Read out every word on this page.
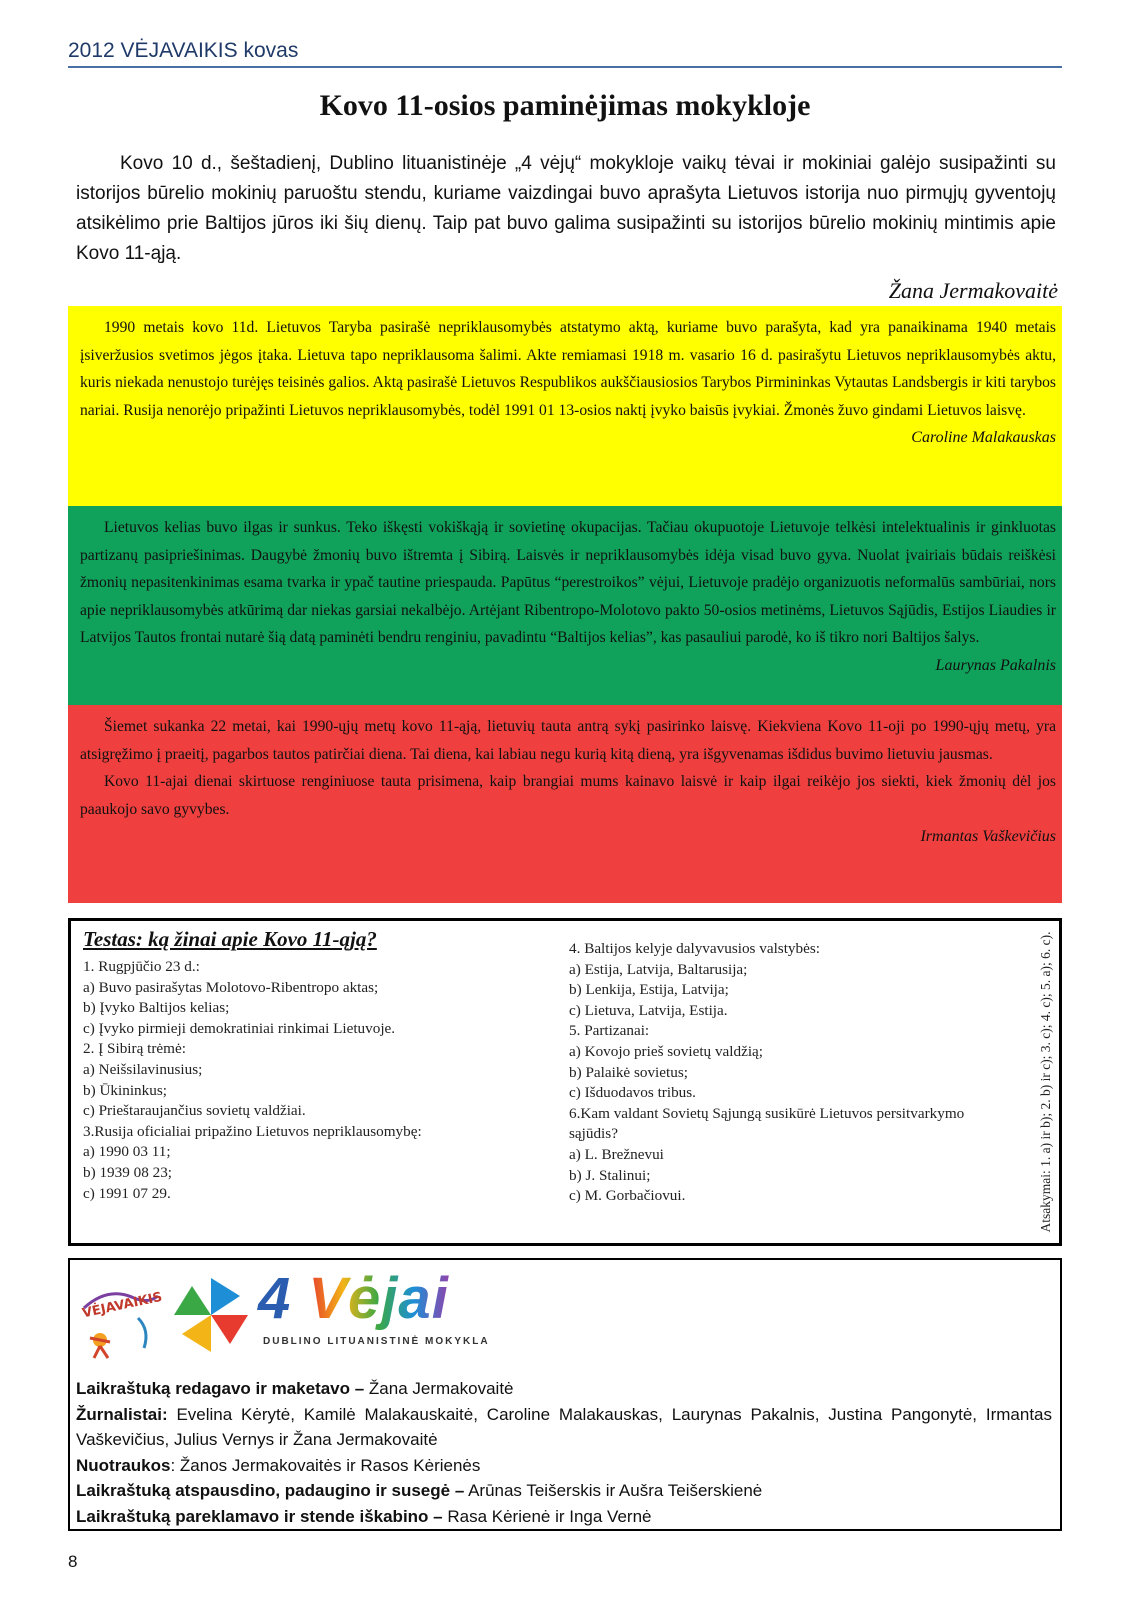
2012 VĖJAVAIKIS kovas
Kovo 11-osios paminėjimas mokykloje

Kovo 10 d., šeštadienį, Dublino lituanistinėje „4 vėjų“ mokykloje vaikų tėvai ir mokiniai galėjo susipažinti su istorijos būrelio mokinių paruoštu stendu, kuriame vaizdingai buvo aprašyta Lietuvos istorija nuo pirmųjų gyventojų atsikėlimo prie Baltijos jūros iki šių dienų. Taip pat buvo galima susipažinti su istorijos būrelio mokinių mintimis apie Kovo 11-ąją.

Žana Jermakovaitė

1990 metais kovo 11d. Lietuvos Taryba pasirašė nepriklausomybės atstatymo aktą, kuriame buvo parašyta, kad yra panaikinama 1940 metais įsiveržusios svetimos jėgos įtaka. Lietuva tapo nepriklausoma šalimi. Akte remiamasi 1918 m. vasario 16 d. pasirašytu Lietuvos nepriklausomybės aktu, kuris niekada nenustojo turėjęs teisinės galios. Aktą pasirašė Lietuvos Respublikos aukščiausiosios Tarybos Pirmininkas Vytautas Landsbergis ir kiti tarybos nariai. Rusija nenorėjo pripažinti Lietuvos nepriklausomybės, todėl 1991 01 13-osios naktį įvyko baisūs įvykiai. Žmonės žuvo gindami Lietuvos laisvę.

Caroline Malakauskas

Lietuvos kelias buvo ilgas ir sunkus. Teko iškęsti vokiškąją ir sovietinę okupacijas. Tačiau okupuotoje Lietuvoje telkėsi intelektualinis ir ginkluotas partizanų pasipriešinimas. Daugybė žmonių buvo ištremta į Sibirą. Laisvės ir nepriklausomybės idėja visad buvo gyva. Nuolat įvairiais būdais reiškėsi žmonių nepasitenkinimas esama tvarka ir ypač tautine priespauda. Papūtus “perestroikos” vėjui, Lietuvoje pradėjo organizuotis neformalūs sambūriai, nors apie nepriklausomybės atkūrimą dar niekas garsiai nekalbėjo. Artėjant Ribentropo-Molotovo pakto 50-osios metinėms, Lietuvos Sąjūdis, Estijos Liaudies ir Latvijos Tautos frontai nutarė šią datą paminėti bendru renginiu, pavadintu “Baltijos kelias”, kas pasauliui parodė, ko iš tikro nori Baltijos šalys.

Laurynas Pakalnis

Šiemet sukanka 22 metai, kai 1990-ųjų metų kovo 11-ąją, lietuvių tauta antrą sykį pasirinko laisvę. Kiekviena Kovo 11-oji po 1990-ųjų metų, yra atsigręžimo į praeitį, pagarbos tautos patirčiai diena. Tai diena, kai labiau negu kurią kitą dieną, yra išgyvenamas išdidus buvimo lietuviu jausmas.

Kovo 11-ajai dienai skirtuose renginiuose tauta prisimena, kaip brangiai mums kainavo laisvė ir kaip ilgai reikėjo jos siekti, kiek žmonių dėl jos paaukojo savo gyvybes.

Irmantas Vaškevičius

Testas: ką žinai apie Kovo 11-ąją?
1. Rugpjūčio 23 d.:
a) Buvo pasirašytas Molotovo-Ribentropo aktas;
b) Įvyko Baltijos kelias;
c) Įvyko pirmieji demokratiniai rinkimai Lietuvoje.
2. Į Sibirą trėmė:
a) Neišsilavinusius;
b) Ūkininkus;
c) Prieštaraujančius sovietų valdžiai.
3.Rusija oficialiai pripažino Lietuvos nepriklausomybę:
a) 1990 03 11;
b) 1939 08 23;
c) 1991 07 29.
4. Baltijos kelyje dalyvavusios valstybės:
a) Estija, Latvija, Baltarusija;
b) Lenkija, Estija, Latvija;
c) Lietuva, Latvija, Estija.
5. Partizanai:
a) Kovojo prieš sovietų valdžią;
b) Palaikė sovietus;
c) Išduodavos tribus.
6.Kam valdant Sovietų Sąjungą susikūrė Lietuvos persitvarkymo sąjūdis?
a) L. Brežnevui
b) J. Stalinui;
c) M. Gorbačiovui.	Atsakymai: 1. a) ir b); 2. b) ir c); 3. c); 4. c); 5. a); 6. c).
VĖJAVAIKIS 4 Vėjai
DUBLINO LITUANISTINĖ MOKYKLA
Laikraštuką redagavo ir maketavo – Žana Jermakovaitė
Žurnalistai: Evelina Kėrytė, Kamilė Malakauskaitė, Caroline Malakauskas, Laurynas Pakalnis, Justina Pangonytė, Irmantas Vaškevičius, Julius Vernys ir Žana Jermakovaitė
Nuotraukos: Žanos Jermakovaitės ir Rasos Kėrienės
Laikraštuką atspausdino, padaugino ir susegė – Arūnas Teišerskis ir Aušra Teišerskienė
Laikraštuką pareklamavo ir stende iškabino – Rasa Kėrienė ir Inga Vernė
8
